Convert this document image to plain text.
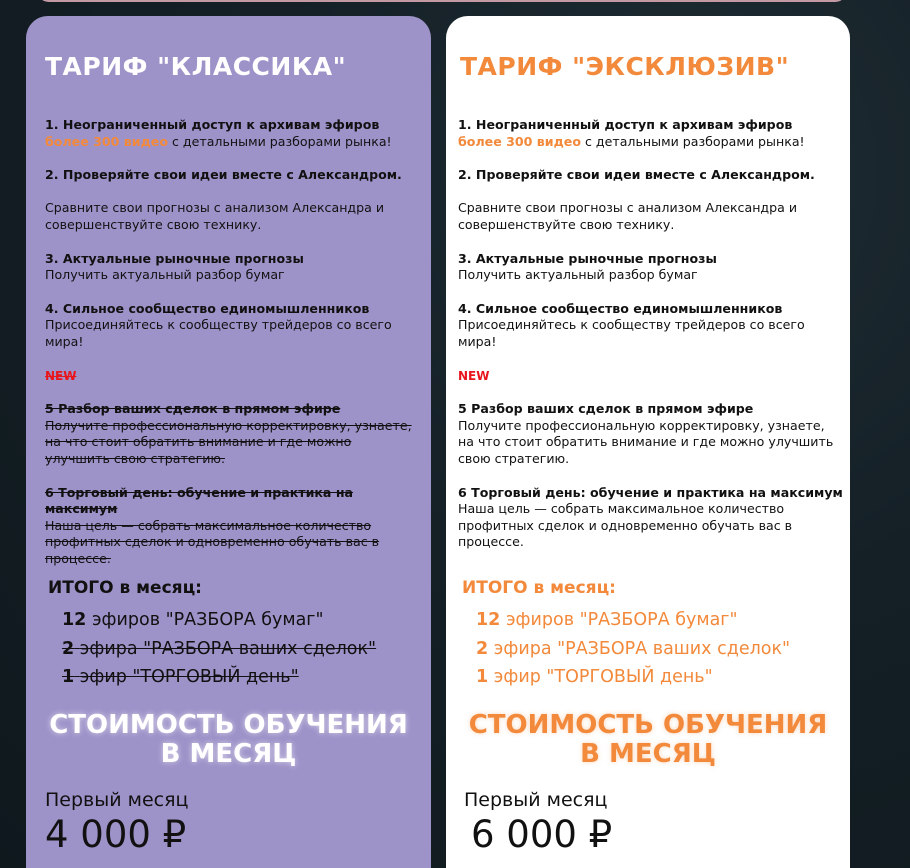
ТАРИФ "КЛАССИКА"
1. Неограниченный доступ к архивам эфиров
более 300 видео с детальными разборами рынка!
2. Проверяйте свои идеи вместе с Александром.

Сравните свои прогнозы с анализом Александра и совершенствуйте свою технику.
3. Актуальные рыночные прогнозы
Получить актуальный разбор бумаг
4. Сильное сообщество единомышленников
Присоединяйтесь к сообществу трейдеров со всего мира!
NEW
5 Разбор ваших сделок в прямом эфире
Получите профессиональную корректировку, узнаете, на что стоит обратить внимание и где можно улучшить свою стратегию.
6 Торговый день: обучение и практика на максимум
Наша цель — собрать максимальное количество профитных сделок и одновременно обучать вас в процессе.
ИТОГО в месяц:
12 эфиров "РАЗБОРА бумаг"
2 эфира "РАЗБОРА ваших сделок"
1 эфир "ТОРГОВЫЙ день"
СТОИМОСТЬ ОБУЧЕНИЯ
В МЕСЯЦ
Первый месяц
4 000 ₽
ТАРИФ "ЭКСКЛЮЗИВ"
1. Неограниченный доступ к архивам эфиров
более 300 видео с детальными разборами рынка!
2. Проверяйте свои идеи вместе с Александром.

Сравните свои прогнозы с анализом Александра и совершенствуйте свою технику.
3. Актуальные рыночные прогнозы
Получить актуальный разбор бумаг
4. Сильное сообщество единомышленников
Присоединяйтесь к сообществу трейдеров со всего мира!
NEW
5 Разбор ваших сделок в прямом эфире
Получите профессиональную корректировку, узнаете, на что стоит обратить внимание и где можно улучшить свою стратегию.
6 Торговый день: обучение и практика на максимум
Наша цель — собрать максимальное количество профитных сделок и одновременно обучать вас в процессе.
ИТОГО в месяц:
12 эфиров "РАЗБОРА бумаг"
2 эфира "РАЗБОРА ваших сделок"
1 эфир "ТОРГОВЫЙ день"
СТОИМОСТЬ ОБУЧЕНИЯ
В МЕСЯЦ
Первый месяц
6 000 ₽
